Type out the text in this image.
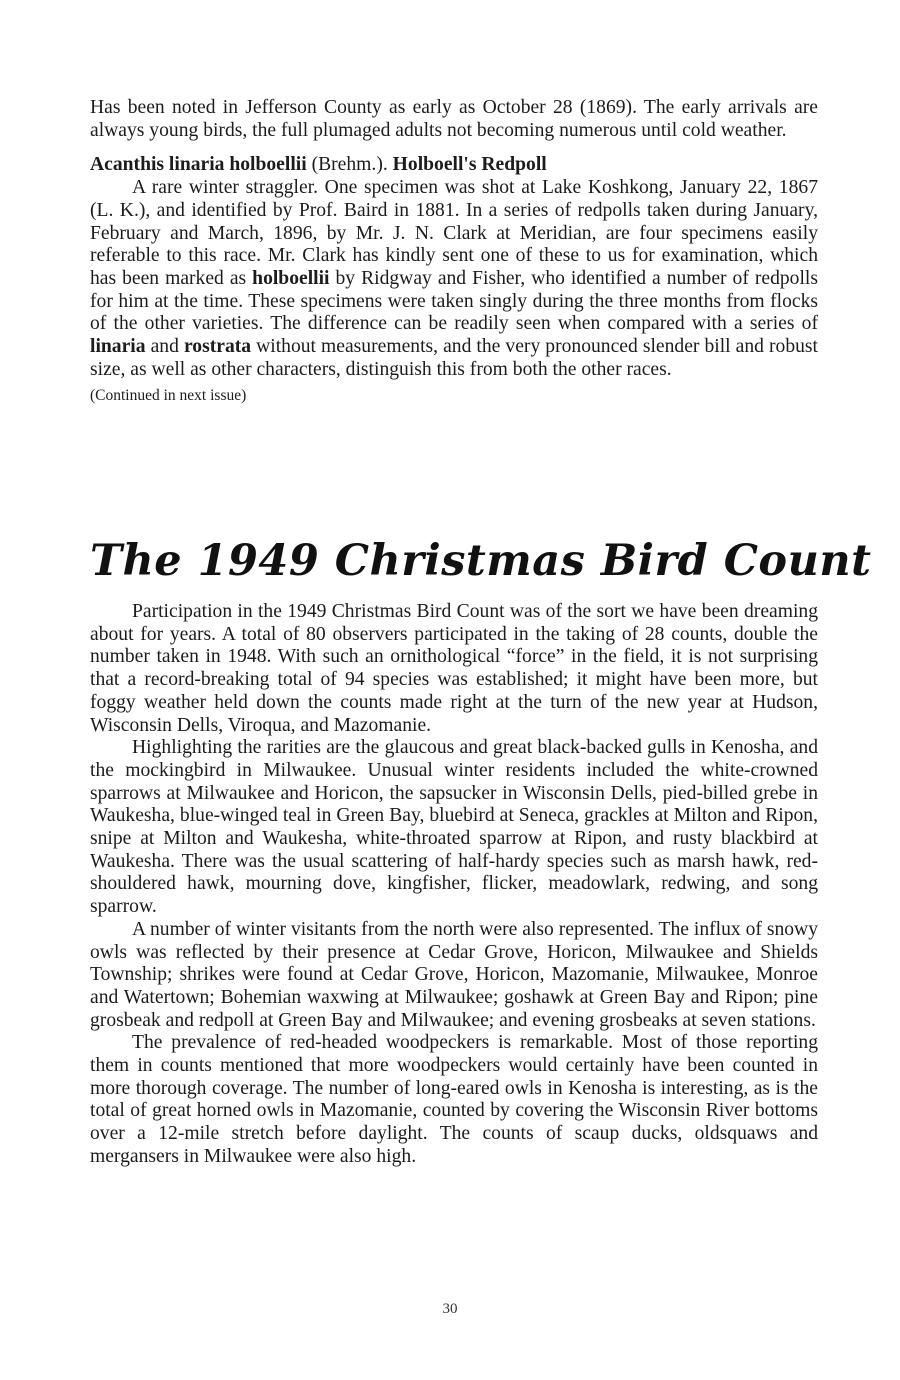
Has been noted in Jefferson County as early as October 28 (1869). The early arrivals are always young birds, the full plumaged adults not becoming numerous until cold weather.

Acanthis linaria holboellii (Brehm.). Holboell's Redpoll

A rare winter straggler. One specimen was shot at Lake Koshkong, January 22, 1867 (L. K.), and identified by Prof. Baird in 1881. In a series of redpolls taken during January, February and March, 1896, by Mr. J. N. Clark at Meridian, are four specimens easily referable to this race. Mr. Clark has kindly sent one of these to us for examination, which has been marked as holboellii by Ridgway and Fisher, who identified a number of redpolls for him at the time. These specimens were taken singly during the three months from flocks of the other varieties. The difference can be readily seen when compared with a series of linaria and rostrata without measurements, and the very pronounced slender bill and robust size, as well as other characters, distinguish this from both the other races.

(Continued in next issue)

The 1949 Christmas Bird Count

Participation in the 1949 Christmas Bird Count was of the sort we have been dreaming about for years. A total of 80 observers participated in the taking of 28 counts, double the number taken in 1948. With such an ornithological “force” in the field, it is not surprising that a record-breaking total of 94 species was established; it might have been more, but foggy weather held down the counts made right at the turn of the new year at Hudson, Wisconsin Dells, Viroqua, and Mazomanie.

Highlighting the rarities are the glaucous and great black-backed gulls in Kenosha, and the mockingbird in Milwaukee. Unusual winter residents included the white-crowned sparrows at Milwaukee and Horicon, the sapsucker in Wisconsin Dells, pied-billed grebe in Waukesha, blue-winged teal in Green Bay, bluebird at Seneca, grackles at Milton and Ripon, snipe at Milton and Waukesha, white-throated sparrow at Ripon, and rusty blackbird at Waukesha. There was the usual scattering of half-hardy species such as marsh hawk, red-shouldered hawk, mourning dove, kingfisher, flicker, meadowlark, redwing, and song sparrow.

A number of winter visitants from the north were also represented. The influx of snowy owls was reflected by their presence at Cedar Grove, Horicon, Milwaukee and Shields Township; shrikes were found at Cedar Grove, Horicon, Mazomanie, Milwaukee, Monroe and Watertown; Bohemian waxwing at Milwaukee; goshawk at Green Bay and Ripon; pine grosbeak and redpoll at Green Bay and Milwaukee; and evening grosbeaks at seven stations.

The prevalence of red-headed woodpeckers is remarkable. Most of those reporting them in counts mentioned that more woodpeckers would certainly have been counted in more thorough coverage. The number of long-eared owls in Kenosha is interesting, as is the total of great horned owls in Mazomanie, counted by covering the Wisconsin River bottoms over a 12-mile stretch before daylight. The counts of scaup ducks, oldsquaws and mergansers in Milwaukee were also high.

30
